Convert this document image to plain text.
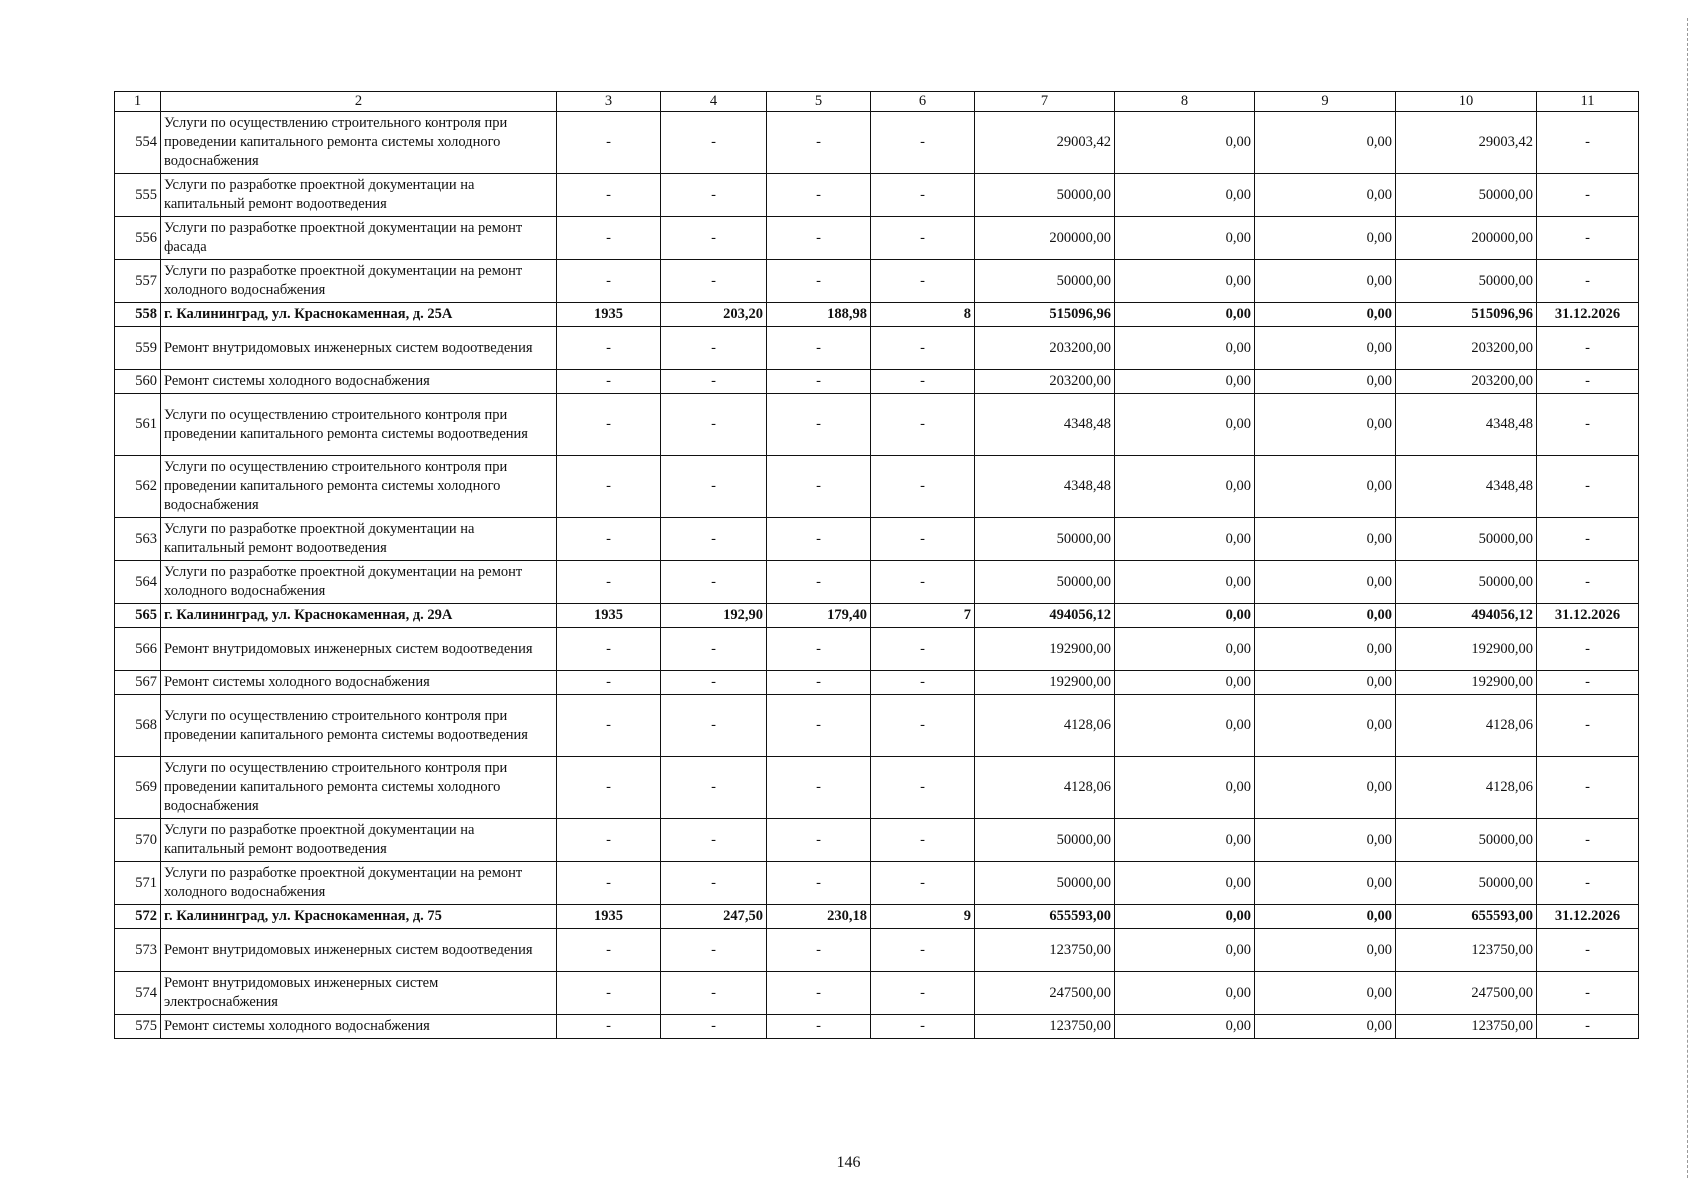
1	2	3	4	5	6	7	8	9	10	11
554	Услуги по осуществлению строительного контроля при проведении капитального ремонта системы холодного водоснабжения	-	-	-	-	29003,42	0,00	0,00	29003,42	-
555	Услуги по разработке проектной документации на капитальный ремонт водоотведения	-	-	-	-	50000,00	0,00	0,00	50000,00	-
556	Услуги по разработке проектной документации на ремонт фасада	-	-	-	-	200000,00	0,00	0,00	200000,00	-
557	Услуги по разработке проектной документации на ремонт холодного водоснабжения	-	-	-	-	50000,00	0,00	0,00	50000,00	-
558	г. Калининград, ул. Краснокаменная, д. 25А	1935	203,20	188,98	8	515096,96	0,00	0,00	515096,96	31.12.2026
559	Ремонт внутридомовых инженерных систем водоотведения	-	-	-	-	203200,00	0,00	0,00	203200,00	-
560	Ремонт системы холодного водоснабжения	-	-	-	-	203200,00	0,00	0,00	203200,00	-
561	Услуги по осуществлению строительного контроля при проведении капитального ремонта системы водоотведения	-	-	-	-	4348,48	0,00	0,00	4348,48	-
562	Услуги по осуществлению строительного контроля при проведении капитального ремонта системы холодного водоснабжения	-	-	-	-	4348,48	0,00	0,00	4348,48	-
563	Услуги по разработке проектной документации на капитальный ремонт водоотведения	-	-	-	-	50000,00	0,00	0,00	50000,00	-
564	Услуги по разработке проектной документации на ремонт холодного водоснабжения	-	-	-	-	50000,00	0,00	0,00	50000,00	-
565	г. Калининград, ул. Краснокаменная, д. 29А	1935	192,90	179,40	7	494056,12	0,00	0,00	494056,12	31.12.2026
566	Ремонт внутридомовых инженерных систем водоотведения	-	-	-	-	192900,00	0,00	0,00	192900,00	-
567	Ремонт системы холодного водоснабжения	-	-	-	-	192900,00	0,00	0,00	192900,00	-
568	Услуги по осуществлению строительного контроля при проведении капитального ремонта системы водоотведения	-	-	-	-	4128,06	0,00	0,00	4128,06	-
569	Услуги по осуществлению строительного контроля при проведении капитального ремонта системы холодного водоснабжения	-	-	-	-	4128,06	0,00	0,00	4128,06	-
570	Услуги по разработке проектной документации на капитальный ремонт водоотведения	-	-	-	-	50000,00	0,00	0,00	50000,00	-
571	Услуги по разработке проектной документации на ремонт холодного водоснабжения	-	-	-	-	50000,00	0,00	0,00	50000,00	-
572	г. Калининград, ул. Краснокаменная, д. 75	1935	247,50	230,18	9	655593,00	0,00	0,00	655593,00	31.12.2026
573	Ремонт внутридомовых инженерных систем водоотведения	-	-	-	-	123750,00	0,00	0,00	123750,00	-
574	Ремонт внутридомовых инженерных систем электроснабжения	-	-	-	-	247500,00	0,00	0,00	247500,00	-
575	Ремонт системы холодного водоснабжения	-	-	-	-	123750,00	0,00	0,00	123750,00	-
146
